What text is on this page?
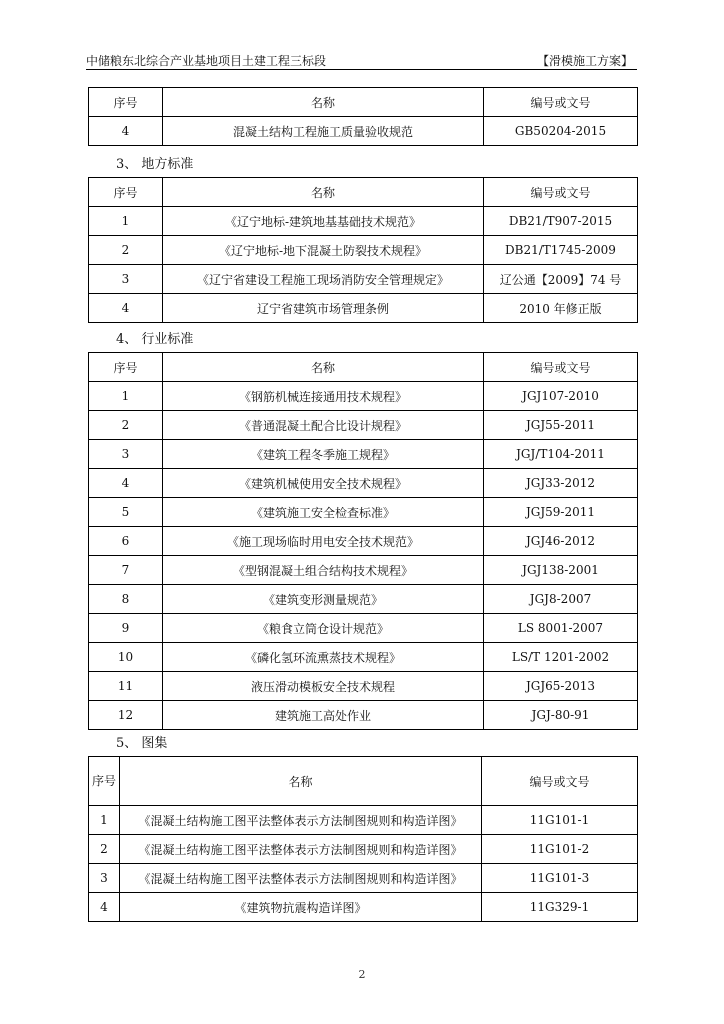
中储粮东北综合产业基地项目土建工程三标段	【滑模施工方案】
序号	名称	编号或文号
4	混凝土结构工程施工质量验收规范	GB50204-2015
3、 地方标准
序号	名称	编号或文号
1	《辽宁地标-建筑地基基础技术规范》	DB21/T907-2015
2	《辽宁地标-地下混凝土防裂技术规程》	DB21/T1745-2009
3	《辽宁省建设工程施工现场消防安全管理规定》	辽公通【2009】74 号
4	辽宁省建筑市场管理条例	2010 年修正版
4、 行业标准
序号	名称	编号或文号
1	《钢筋机械连接通用技术规程》	JGJ107-2010
2	《普通混凝土配合比设计规程》	JGJ55-2011
3	《建筑工程冬季施工规程》	JGJ/T104-2011
4	《建筑机械使用安全技术规程》	JGJ33-2012
5	《建筑施工安全检查标准》	JGJ59-2011
6	《施工现场临时用电安全技术规范》	JGJ46-2012
7	《型钢混凝土组合结构技术规程》	JGJ138-2001
8	《建筑变形测量规范》	JGJ8-2007
9	《粮食立筒仓设计规范》	LS 8001-2007
10	《磷化氢环流熏蒸技术规程》	LS/T 1201-2002
11	液压滑动模板安全技术规程	JGJ65-2013
12	建筑施工高处作业	JGJ-80-91
5、 图集
序号	名称	编号或文号
1	《混凝土结构施工图平法整体表示方法制图规则和构造详图》	11G101-1
2	《混凝土结构施工图平法整体表示方法制图规则和构造详图》	11G101-2
3	《混凝土结构施工图平法整体表示方法制图规则和构造详图》	11G101-3
4	《建筑物抗震构造详图》	11G329-1
2
